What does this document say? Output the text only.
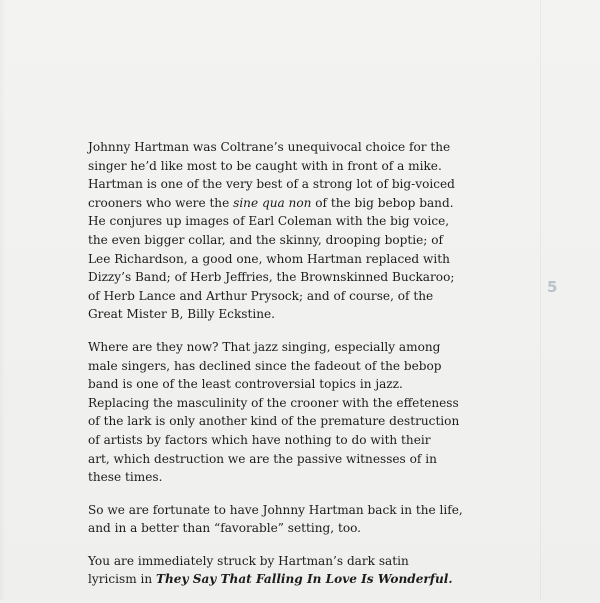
Johnny Hartman was Coltrane’s unequivocal choice for the
singer he’d like most to be caught with in front of a mike.
Hartman is one of the very best of a strong lot of big-voiced
crooners who were the sine qua non of the big bebop band.
He conjures up images of Earl Coleman with the big voice,
the even bigger collar, and the skinny, drooping boptie; of
Lee Richardson, a good one, whom Hartman replaced with
Dizzy’s Band; of Herb Jeffries, the Brownskinned Buckaroo;
of Herb Lance and Arthur Prysock; and of course, of the
Great Mister B, Billy Eckstine.

Where are they now? That jazz singing, especially among
male singers, has declined since the fadeout of the bebop
band is one of the least controversial topics in jazz.
Replacing the masculinity of the crooner with the effeteness
of the lark is only another kind of the premature destruction
of artists by factors which have nothing to do with their
art, which destruction we are the passive witnesses of in
these times.

So we are fortunate to have Johnny Hartman back in the life,
and in a better than “favorable” setting, too.

You are immediately struck by Hartman’s dark satin
lyricism in They Say That Falling In Love Is Wonderful.

5
